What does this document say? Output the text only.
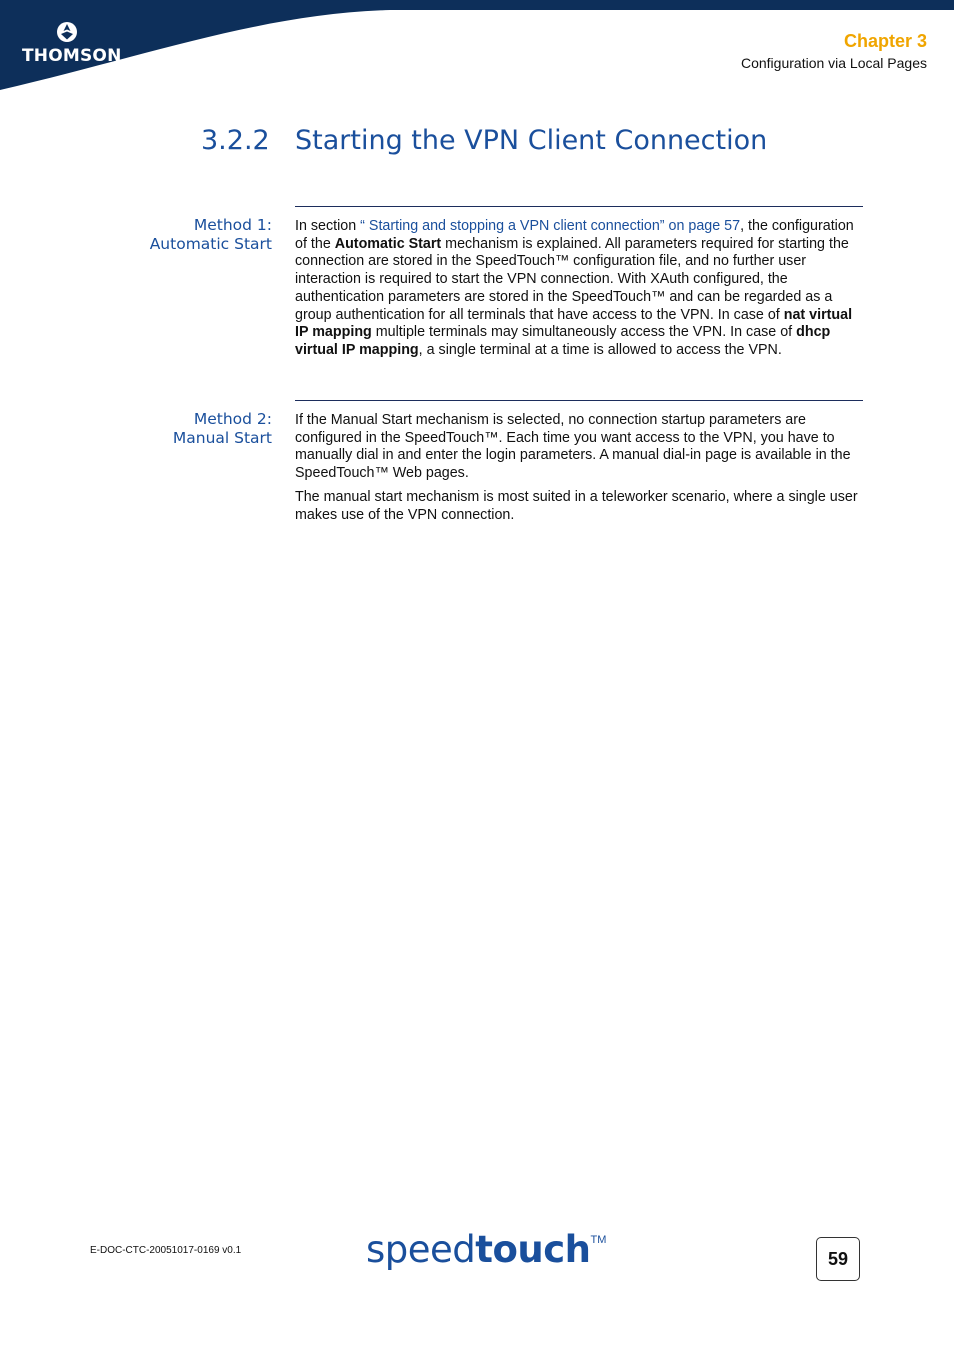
THOMSON
Chapter 3
Configuration via Local Pages
3.2.2 Starting the VPN Client Connection
Method 1:
Automatic Start

In section “ Starting and stopping a VPN client connection” on page 57, the configuration of the Automatic Start mechanism is explained. All parameters required for starting the connection are stored in the SpeedTouch™ configuration file, and no further user interaction is required to start the VPN connection. With XAuth configured, the authentication parameters are stored in the SpeedTouch™ and can be regarded as a group authentication for all terminals that have access to the VPN. In case of nat virtual IP mapping multiple terminals may simultaneously access the VPN. In case of dhcp virtual IP mapping, a single terminal at a time is allowed to access the VPN.

Method 2:
Manual Start

If the Manual Start mechanism is selected, no connection startup parameters are configured in the SpeedTouch™. Each time you want access to the VPN, you have to manually dial in and enter the login parameters. A manual dial-in page is available in the SpeedTouch™ Web pages.

The manual start mechanism is most suited in a teleworker scenario, where a single user makes use of the VPN connection.

E-DOC-CTC-20051017-0169 v0.1	speedtouch™
59
